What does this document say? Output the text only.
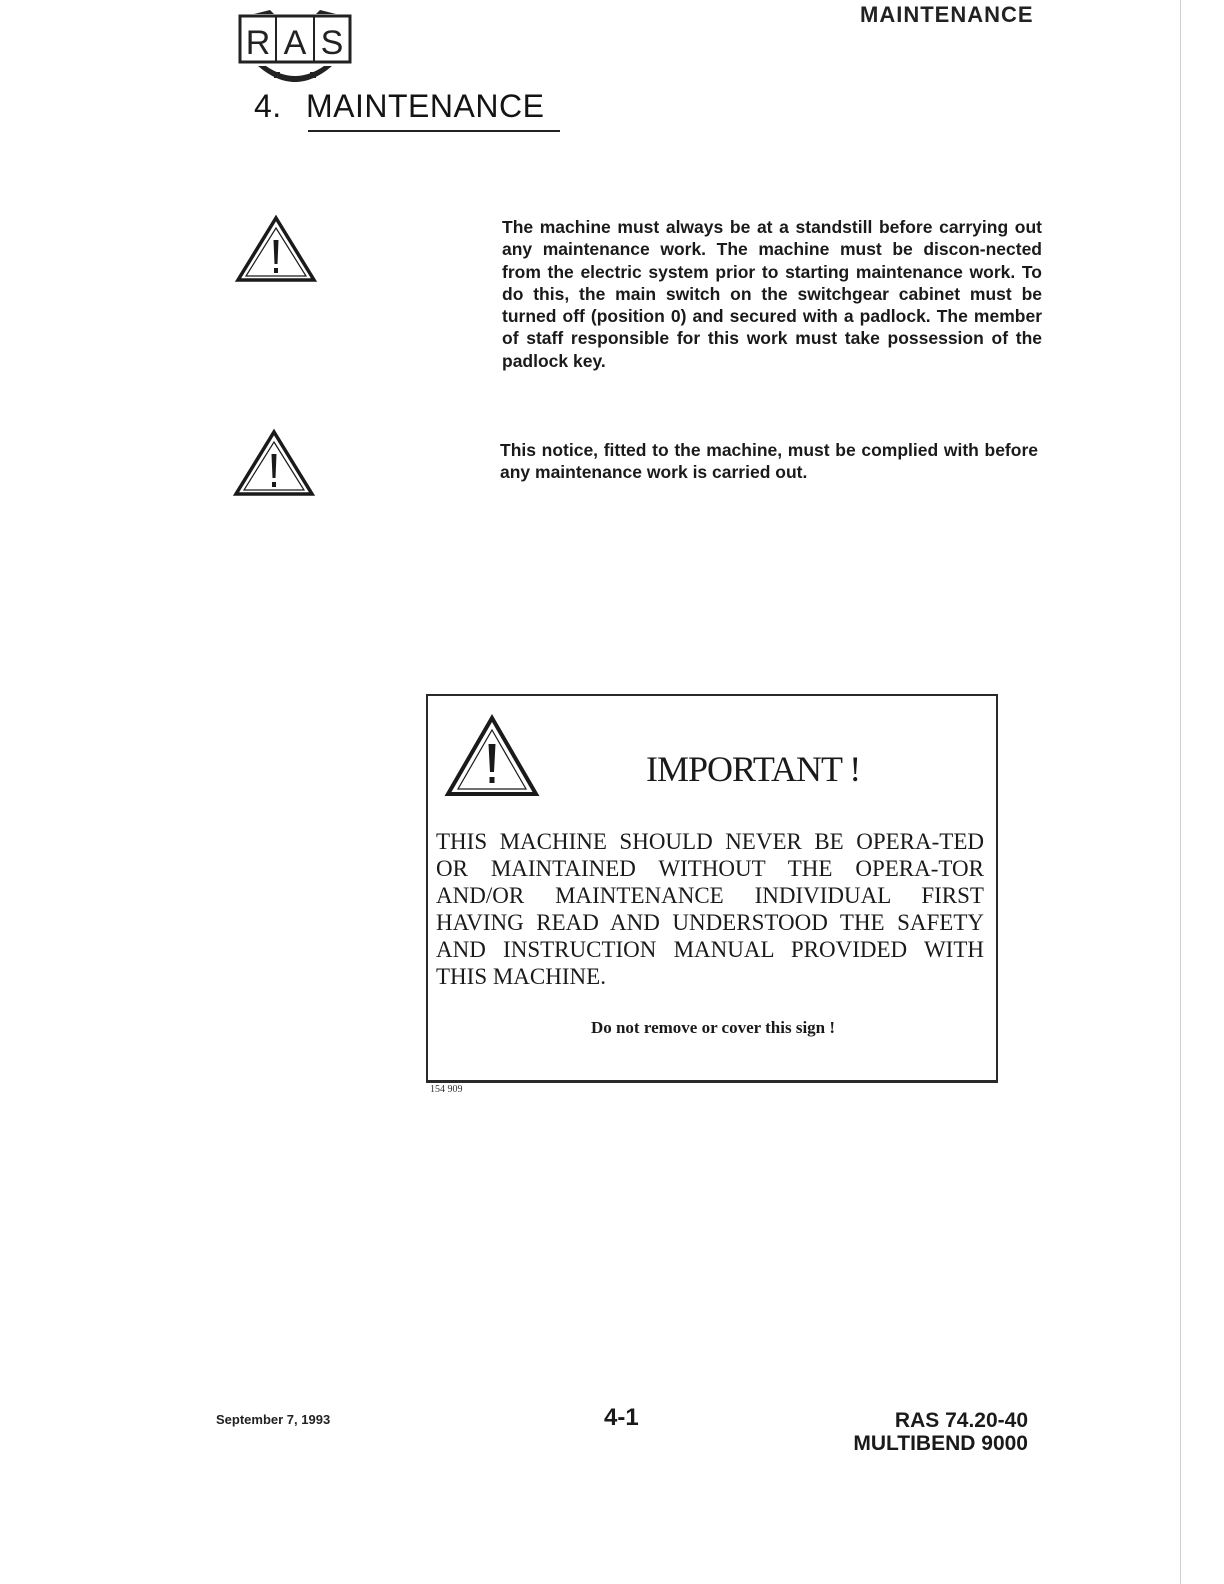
R A S
MAINTENANCE
4. MAINTENANCE
The machine must always be at a standstill before carrying out any maintenance work. The machine must be discon-nected from the electric system prior to starting maintenance work. To do this, the main switch on the switchgear cabinet must be turned off (position 0) and secured with a padlock. The member of staff responsible for this work must take possession of the padlock key.
This notice, fitted to the machine, must be complied with before any maintenance work is carried out.
IMPORTANT !
THIS MACHINE SHOULD NEVER BE OPERA-TED OR MAINTAINED WITHOUT THE OPERA-TOR AND/OR MAINTENANCE INDIVIDUAL FIRST HAVING READ AND UNDERSTOOD THE SAFETY AND INSTRUCTION MANUAL PROVIDED WITH THIS MACHINE.
Do not remove or cover this sign !
154 909
September 7, 1993	4-1	RAS 74.20-40
MULTIBEND 9000
